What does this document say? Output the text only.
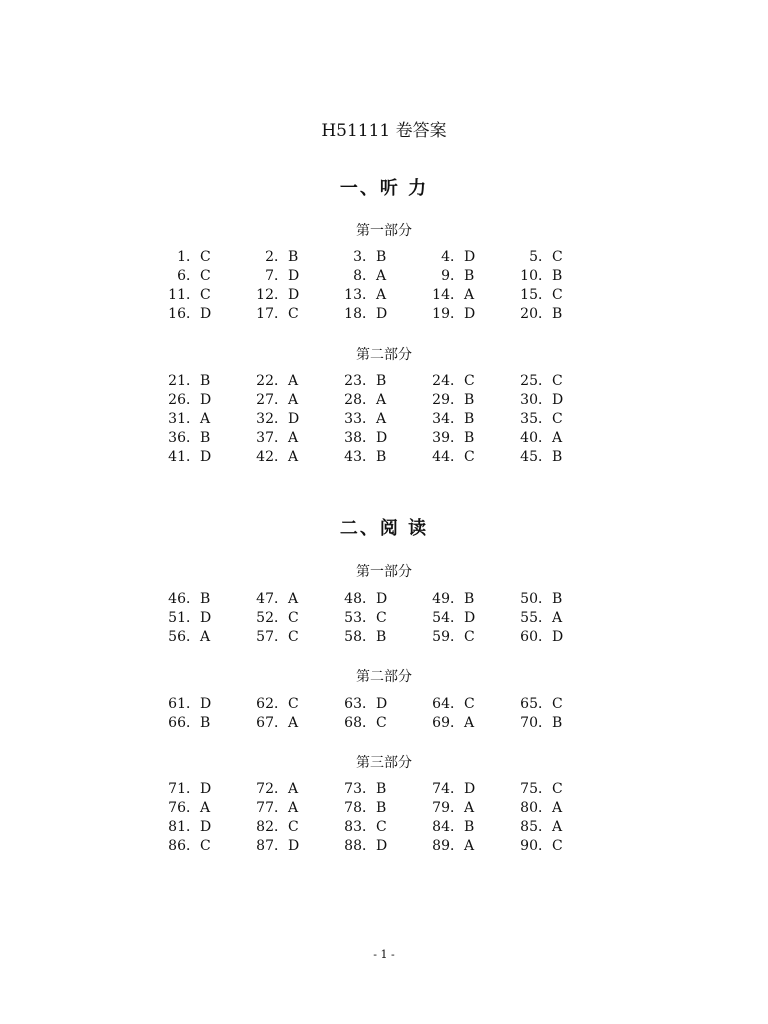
H51111 卷答案
一、听 力
第一部分
1 ． C	2 ． B	3 ． B	4 ． D	5 ． C
6 ． C	7 ． D	8 ． A	9 ． B	10 ． B
11 ． C	12 ． D	13 ． A	14 ． A	15 ． C
16 ． D	17 ． C	18 ． D	19 ． D	20 ． B
第二部分
21 ． B	22 ． A	23 ． B	24 ． C	25 ． C
26 ． D	27 ． A	28 ． A	29 ． B	30 ． D
31 ． A	32 ． D	33 ． A	34 ． B	35 ． C
36 ． B	37 ． A	38 ． D	39 ． B	40 ． A
41 ． D	42 ． A	43 ． B	44 ． C	45 ． B
二、阅 读
第一部分
46 ． B	47 ． A	48 ． D	49 ． B	50 ． B
51 ． D	52 ． C	53 ． C	54 ． D	55 ． A
56 ． A	57 ． C	58 ． B	59 ． C	60 ． D
第二部分
61 ． D	62 ． C	63 ． D	64 ． C	65 ． C
66 ． B	67 ． A	68 ． C	69 ． A	70 ． B
第三部分
71 ． D	72 ． A	73 ． B	74 ． D	75 ． C
76 ． A	77 ． A	78 ． B	79 ． A	80 ． A
81 ． D	82 ． C	83 ． C	84 ． B	85 ． A
86 ． C	87 ． D	88 ． D	89 ． A	90 ． C
- 1 -
